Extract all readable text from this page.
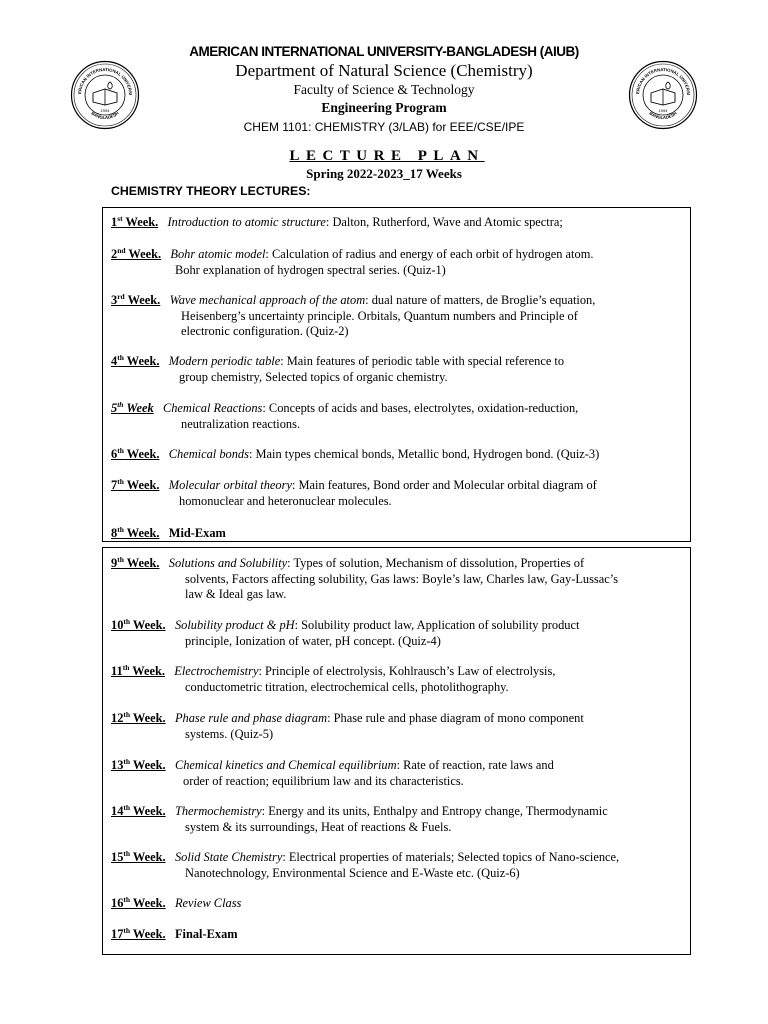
AMERICAN INTERNATIONAL UNIVERSITY-BANGLADESH (AIUB)
Department of Natural Science (Chemistry)
Faculty of Science & Technology
Engineering Program
CHEM 1101: CHEMISTRY (3/LAB) for EEE/CSE/IPE
ERICAN INTERNATIONAL UNIVERSI
BANGLADESH
1994
ERICAN INTERNATIONAL UNIVERSI
BANGLADESH
1994
LECTURE PLAN
Spring 2022-2023_17 Weeks
CHEMISTRY THEORY LECTURES:
1st Week. Introduction to atomic structure: Dalton, Rutherford, Wave and Atomic spectra;
2nd Week. Bohr atomic model: Calculation of radius and energy of each orbit of hydrogen atom.
Bohr explanation of hydrogen spectral series. (Quiz-1)
3rd Week. Wave mechanical approach of the atom: dual nature of matters, de Broglie’s equation,
Heisenberg’s uncertainty principle. Orbitals, Quantum numbers and Principle of
electronic configuration. (Quiz-2)
4th Week. Modern periodic table: Main features of periodic table with special reference to
group chemistry, Selected topics of organic chemistry.
5th Week Chemical Reactions: Concepts of acids and bases, electrolytes, oxidation-reduction,
neutralization reactions.
6th Week. Chemical bonds: Main types chemical bonds, Metallic bond, Hydrogen bond. (Quiz-3)
7th Week. Molecular orbital theory: Main features, Bond order and Molecular orbital diagram of
homonuclear and heteronuclear molecules.
8th Week. Mid-Exam
9th Week. Solutions and Solubility: Types of solution, Mechanism of dissolution, Properties of
solvents, Factors affecting solubility, Gas laws: Boyle’s law, Charles law, Gay-Lussac’s
law & Ideal gas law.
10th Week. Solubility product & pH: Solubility product law, Application of solubility product
principle, Ionization of water, pH concept. (Quiz-4)
11th Week. Electrochemistry: Principle of electrolysis, Kohlrausch’s Law of electrolysis,
conductometric titration, electrochemical cells, photolithography.
12th Week. Phase rule and phase diagram: Phase rule and phase diagram of mono component
systems. (Quiz-5)
13th Week. Chemical kinetics and Chemical equilibrium: Rate of reaction, rate laws and
order of reaction; equilibrium law and its characteristics.
14th Week. Thermochemistry: Energy and its units, Enthalpy and Entropy change, Thermodynamic
system & its surroundings, Heat of reactions & Fuels.
15th Week. Solid State Chemistry: Electrical properties of materials; Selected topics of Nano-science,
Nanotechnology, Environmental Science and E-Waste etc. (Quiz-6)
16th Week. Review Class
17th Week. Final-Exam
